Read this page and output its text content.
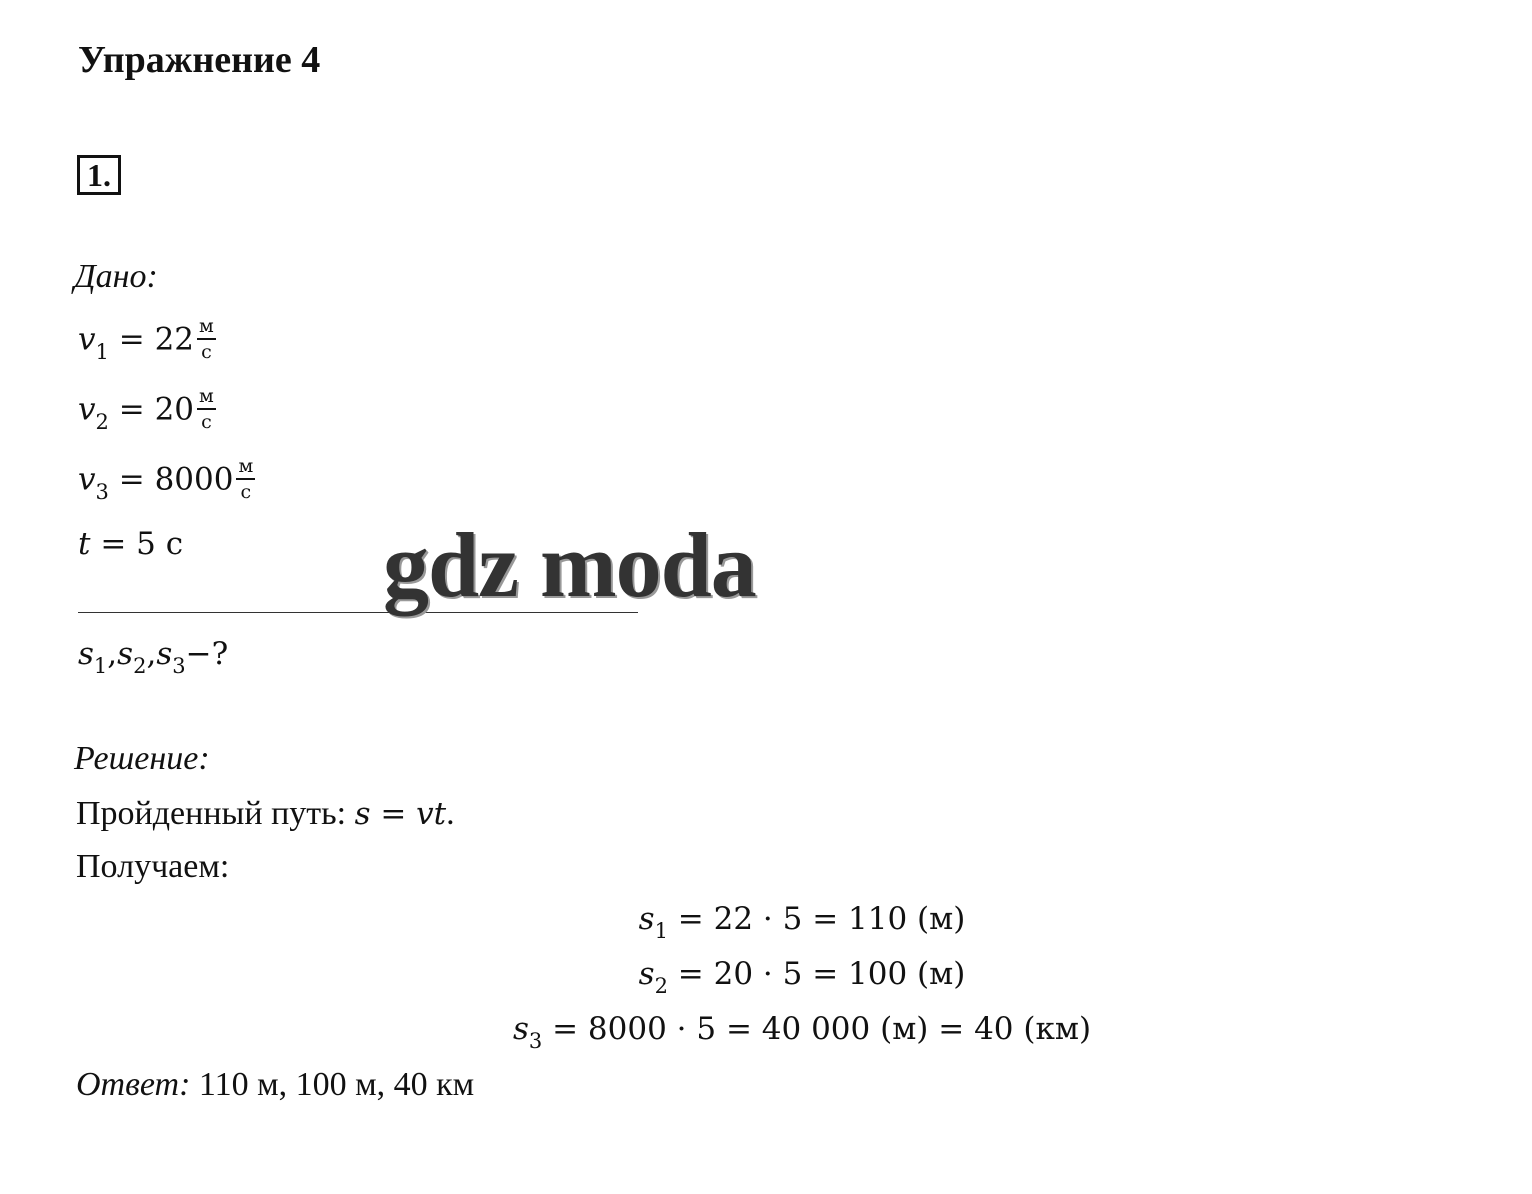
Упражнение 4
1.
Дано:
$v_1 = 22 \frac{м}{с}$
$v_2 = 20 \frac{м}{с}$
$v_3 = 8000 \frac{м}{с}$
t = 5 с
$s_1,s_2,s_3-$?
Решение:
Пройденный путь: s = vt.
Получаем:
$s_1 = 22 \cdot 5 = 110$ (м)
$s_2 = 20 \cdot 5 = 100$ (м)
$s_3 = 8000 \cdot 5 = 40$ 000 (м) = 40 (км)
Ответ: 110 м, 100 м, 40 км
gdz moda
